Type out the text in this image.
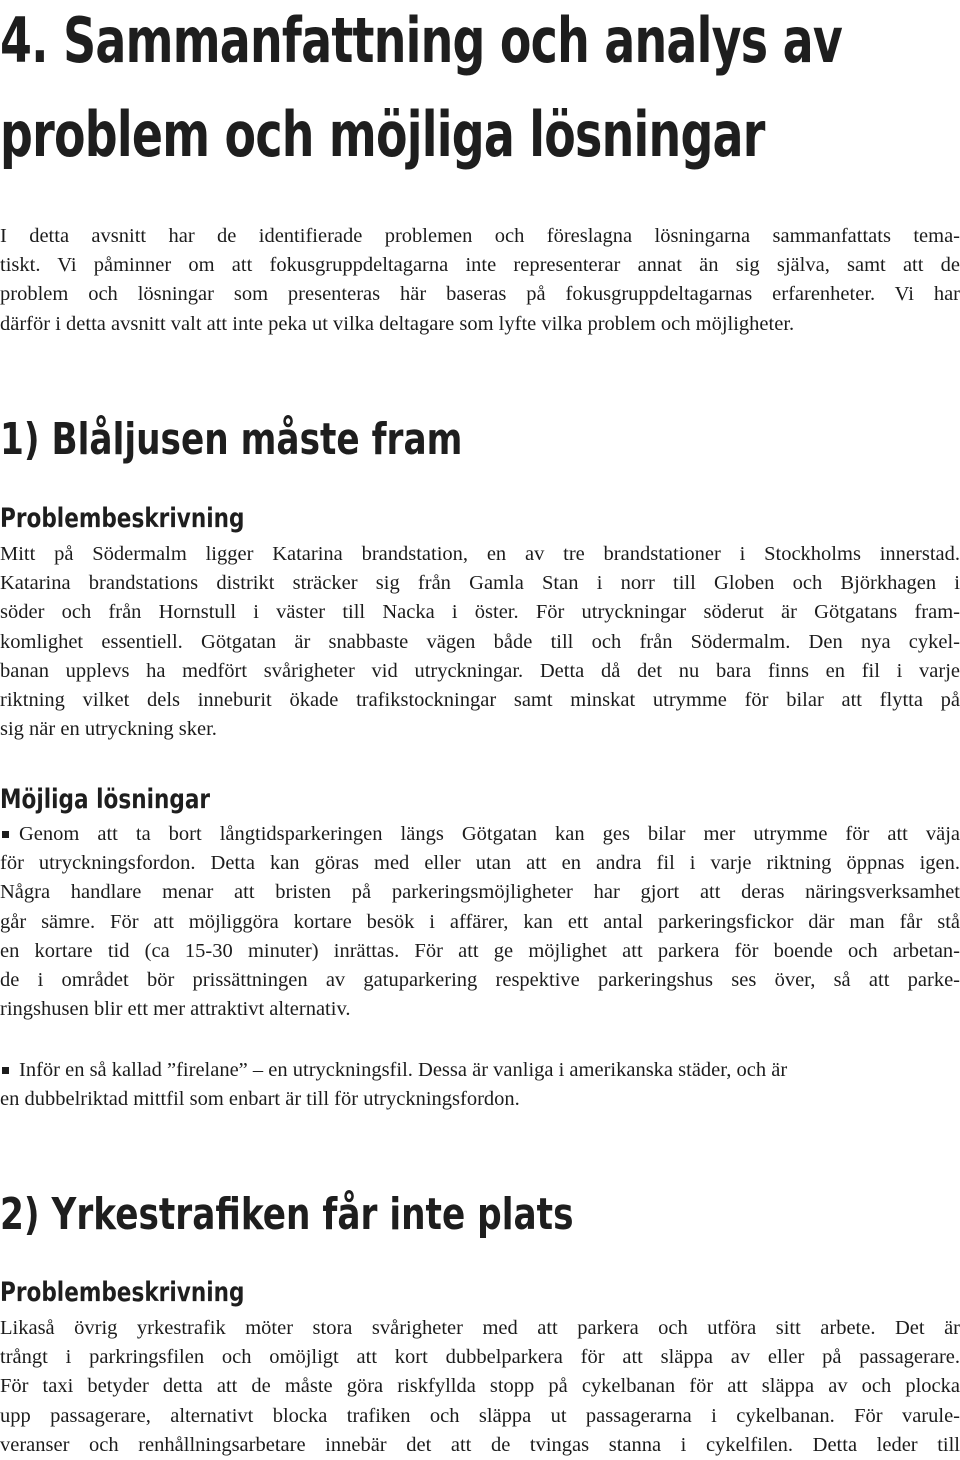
4. Sammanfattning och analys av
problem och möjliga lösningar
I detta avsnitt har de identifierade problemen och föreslagna lösningarna sammanfattats tema-
tiskt. Vi påminner om att fokusgruppdeltagarna inte representerar annat än sig själva, samt att de
problem och lösningar som presenteras här baseras på fokusgruppdeltagarnas erfarenheter. Vi har
därför i detta avsnitt valt att inte peka ut vilka deltagare som lyfte vilka problem och möjligheter.
1) Blåljusen måste fram
Problembeskrivning
Mitt på Södermalm ligger Katarina brandstation, en av tre brandstationer i Stockholms innerstad.
Katarina brandstations distrikt sträcker sig från Gamla Stan i norr till Globen och Björkhagen i
söder och från Hornstull i väster till Nacka i öster. För utryckningar söderut är Götgatans fram-
komlighet essentiell. Götgatan är snabbaste vägen både till och från Södermalm. Den nya cykel-
banan upplevs ha medfört svårigheter vid utryckningar. Detta då det nu bara finns en fil i varje
riktning vilket dels inneburit ökade trafikstockningar samt minskat utrymme för bilar att flytta på
sig när en utryckning sker.
Möjliga lösningar
Genom att ta bort långtidsparkeringen längs Götgatan kan ges bilar mer utrymme för att väja
för utryckningsfordon. Detta kan göras med eller utan att en andra fil i varje riktning öppnas igen.
Några handlare menar att bristen på parkeringsmöjligheter har gjort att deras näringsverksamhet
går sämre. För att möjliggöra kortare besök i affärer, kan ett antal parkeringsfickor där man får stå
en kortare tid (ca 15-30 minuter) inrättas. För att ge möjlighet att parkera för boende och arbetan-
de i området bör prissättningen av gatuparkering respektive parkeringshus ses över, så att parke-
ringshusen blir ett mer attraktivt alternativ.
Inför en så kallad ”firelane” – en utryckningsfil. Dessa är vanliga i amerikanska städer, och är
en dubbelriktad mittfil som enbart är till för utryckningsfordon.
2) Yrkestrafiken får inte plats
Problembeskrivning
Likaså övrig yrkestrafik möter stora svårigheter med att parkera och utföra sitt arbete. Det är
trångt i parkringsfilen och omöjligt att kort dubbelparkera för att släppa av eller på passagerare.
För taxi betyder detta att de måste göra riskfyllda stopp på cykelbanan för att släppa av och plocka
upp passagerare, alternativt blocka trafiken och släppa ut passagerarna i cykelbanan. För varule-
veranser och renhållningsarbetare innebär det att de tvingas stanna i cykelfilen. Detta leder till
